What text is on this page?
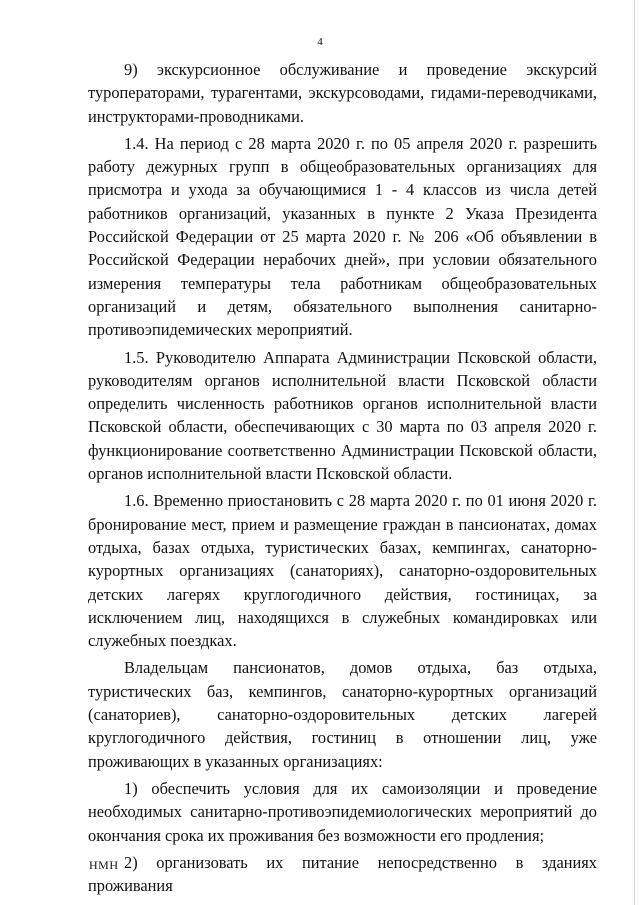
4

9) экскурсионное обслуживание и проведение экскурсий туроператорами, турагентами, экскурсоводами, гидами-переводчиками, инструкторами-проводниками.

1.4. На период с 28 марта 2020 г. по 05 апреля 2020 г. разрешить работу дежурных групп в общеобразовательных организациях для присмотра и ухода за обучающимися 1 - 4 классов из числа детей работников организаций, указанных в пункте 2 Указа Президента Российской Федерации от 25 марта 2020 г. № 206 «Об объявлении в Российской Федерации нерабочих дней», при условии обязательного измерения температуры тела работникам общеобразовательных организаций и детям, обязательного выполнения санитарно-противоэпидемических мероприятий.

1.5. Руководителю Аппарата Администрации Псковской области, руководителям органов исполнительной власти Псковской области определить численность работников органов исполнительной власти Псковской области, обеспечивающих с 30 марта по 03 апреля 2020 г. функционирование соответственно Администрации Псковской области, органов исполнительной власти Псковской области.

1.6. Временно приостановить с 28 марта 2020 г. по 01 июня 2020 г. бронирование мест, прием и размещение граждан в пансионатах, домах отдыха, базах отдыха, туристических базах, кемпингах, санаторно-курортных организациях (санаториях), санаторно-оздоровительных детских лагерях круглогодичного действия, гостиницах, за исключением лиц, находящихся в служебных командировках или служебных поездках.

Владельцам пансионатов, домов отдыха, баз отдыха, туристических баз, кемпингов, санаторно-курортных организаций (санаториев), санаторно-оздоровительных детских лагерей круглогодичного действия, гостиниц в отношении лиц, уже проживающих в указанных организациях:

1) обеспечить условия для их самоизоляции и проведение необходимых санитарно-противоэпидемиологических мероприятий до окончания срока их проживания без возможности его продления;

2) организовать их питание непосредственно в зданиях проживания

НМН
